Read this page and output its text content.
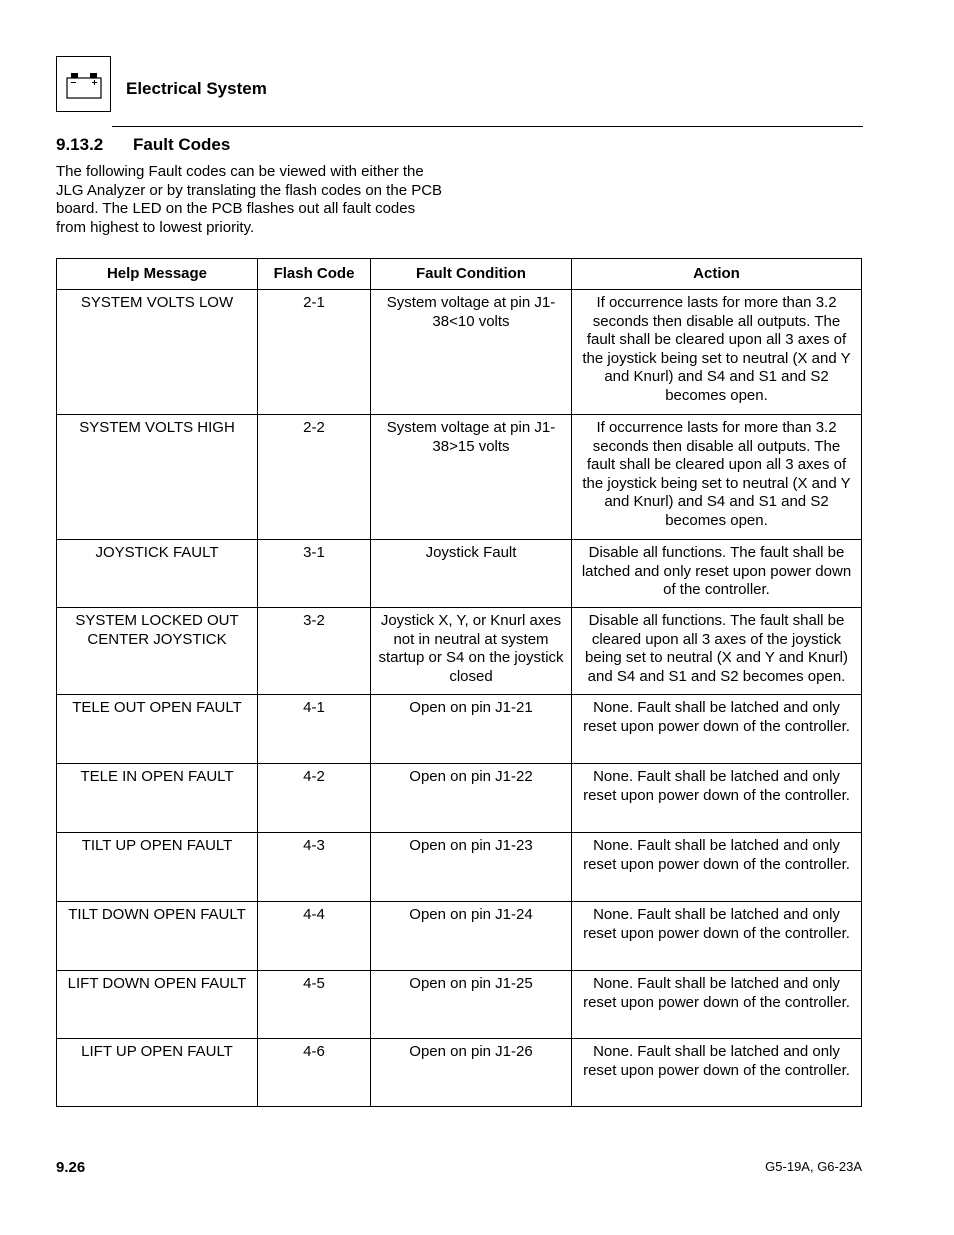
Electrical System
9.13.2 Fault Codes
The following Fault codes can be viewed with either the JLG Analyzer or by translating the flash codes on the PCB board. The LED on the PCB flashes out all fault codes from highest to lowest priority.
Help Message	Flash Code	Fault Condition	Action
SYSTEM VOLTS LOW	2-1	System voltage at pin J1-38<10 volts	If occurrence lasts for more than 3.2 seconds then disable all outputs. The fault shall be cleared upon all 3 axes of the joystick being set to neutral (X and Y and Knurl) and S4 and S1 and S2 becomes open.
SYSTEM VOLTS HIGH	2-2	System voltage at pin J1-38>15 volts	If occurrence lasts for more than 3.2 seconds then disable all outputs. The fault shall be cleared upon all 3 axes of the joystick being set to neutral (X and Y and Knurl) and S4 and S1 and S2 becomes open.
JOYSTICK FAULT	3-1	Joystick Fault	Disable all functions. The fault shall be latched and only reset upon power down of the controller.
SYSTEM LOCKED OUT CENTER JOYSTICK	3-2	Joystick X, Y, or Knurl axes not in neutral at system startup or S4 on the joystick closed	Disable all functions. The fault shall be cleared upon all 3 axes of the joystick being set to neutral (X and Y and Knurl) and S4 and S1 and S2 becomes open.
TELE OUT OPEN FAULT	4-1	Open on pin J1-21	None. Fault shall be latched and only reset upon power down of the controller.
TELE IN OPEN FAULT	4-2	Open on pin J1-22	None. Fault shall be latched and only reset upon power down of the controller.
TILT UP OPEN FAULT	4-3	Open on pin J1-23	None. Fault shall be latched and only reset upon power down of the controller.
TILT DOWN OPEN FAULT	4-4	Open on pin J1-24	None. Fault shall be latched and only reset upon power down of the controller.
LIFT DOWN OPEN FAULT	4-5	Open on pin J1-25	None. Fault shall be latched and only reset upon power down of the controller.
LIFT UP OPEN FAULT	4-6	Open on pin J1-26	None. Fault shall be latched and only reset upon power down of the controller.
9.26	G5-19A, G6-23A
